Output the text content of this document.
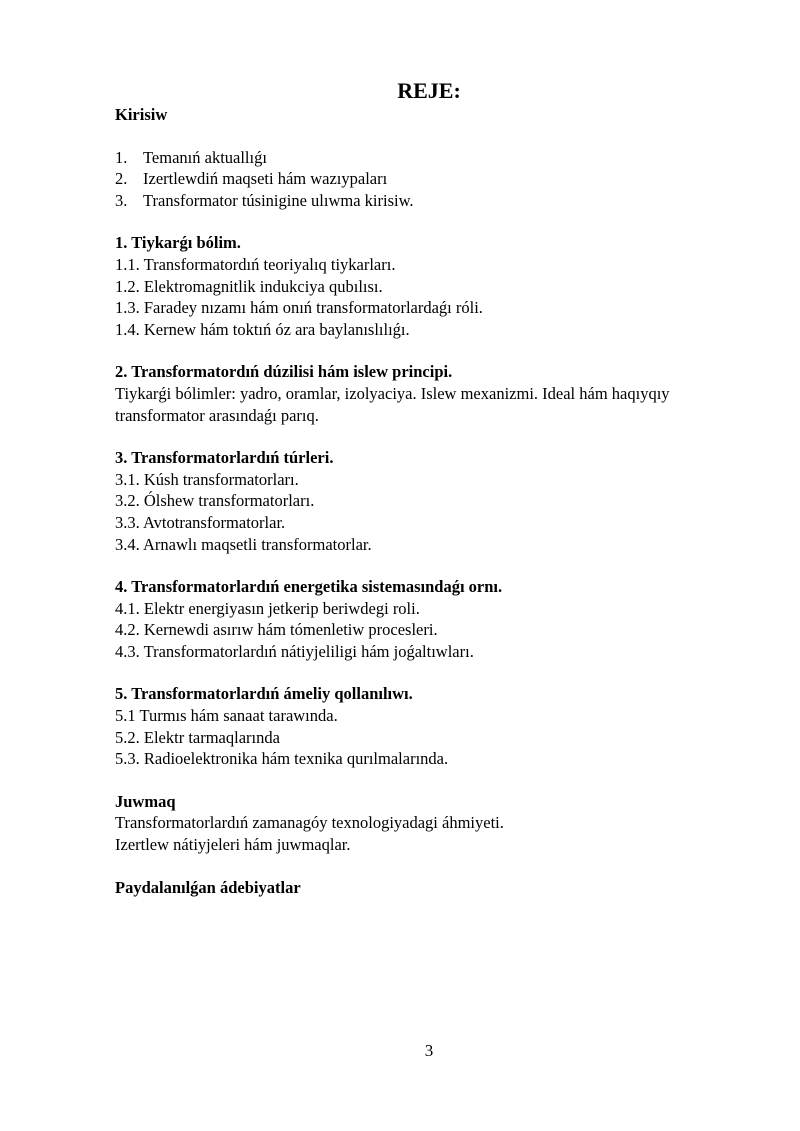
REJE:

Kirisiw

1. Temanıń aktuallıǵı
2. Izertlewdiń maqseti hám wazıypaları
3. Transformator túsinigine ulıwma kirisiw.

1. Tiykarǵı bólim.

1.1. Transformatordıń teoriyalıq tiykarları.

1.2. Elektromagnitlik indukciya qubılısı.

1.3. Faradey nızamı hám onıń transformatorlardaǵı róli.

1.4. Kernew hám toktıń óz ara baylanıslılıǵı.

2. Transformatordıń dúzilisi hám islew principi.

Tiykarǵi bólimler: yadro, oramlar, izolyaciya. Islew mexanizmi. Ideal hám haqıyqıy transformator arasındaǵı parıq.

3. Transformatorlardıń túrleri.

3.1. Kúsh transformatorları.

3.2. Ólshew transformatorları.

3.3. Avtotransformatorlar.

3.4. Arnawlı maqsetli transformatorlar.

4. Transformatorlardıń energetika sistemasındaǵı ornı.

4.1. Elektr energiyasın jetkerip beriwdegi roli.

4.2. Kernewdi asırıw hám tómenletiw procesleri.

4.3. Transformatorlardıń nátiyjeliligi hám joǵaltıwları.

5. Transformatorlardıń ámeliy qollanılıwı.

5.1 Turmıs hám sanaat tarawında.

5.2. Elektr tarmaqlarında

5.3. Radioelektronika hám texnika qurılmalarında.

Juwmaq

Transformatorlardıń zamanagóy texnologiyadagi áhmiyeti.

Izertlew nátiyjeleri hám juwmaqlar.

Paydalanılǵan ádebiyatlar

3
